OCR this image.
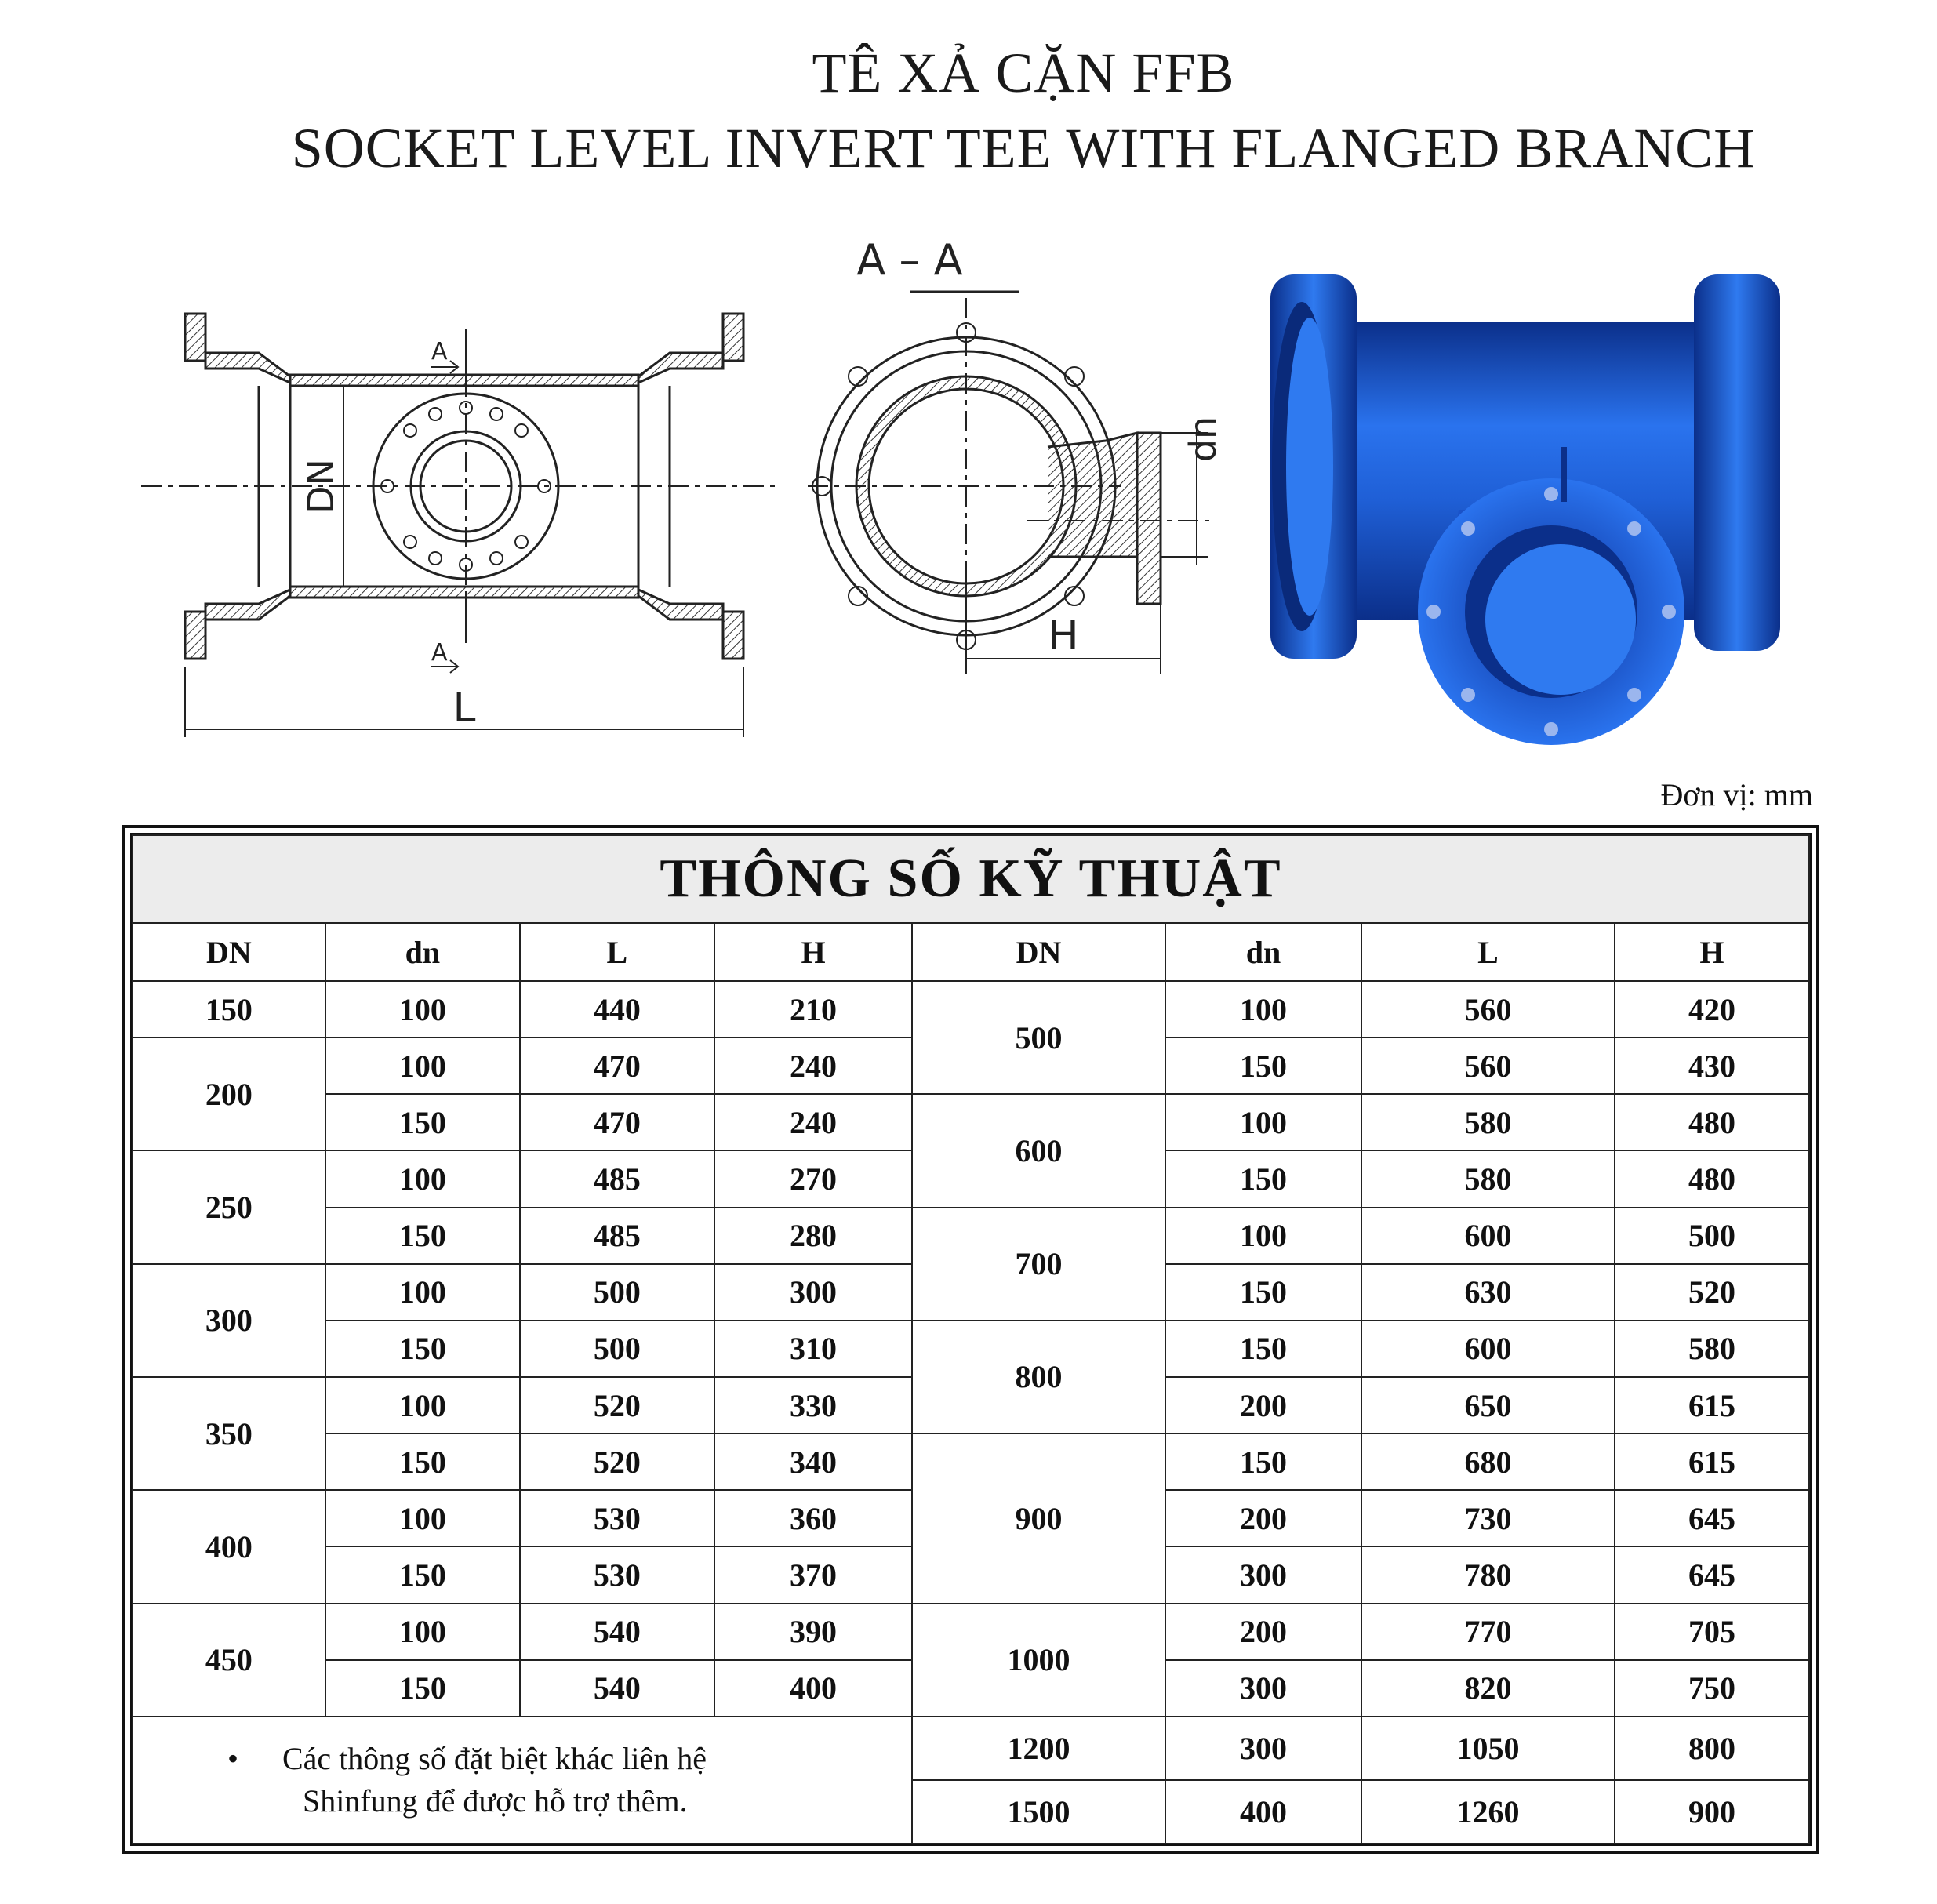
TÊ XẢ CẶN FFB
SOCKET LEVEL INVERT TEE WITH FLANGED BRANCH
A
A
DN
L
A – A
dn
H
Đơn vị: mm
THÔNG SỐ KỸ THUẬT							
DN	dn	L	H	DN	dn	L	H
150	100	440	210	500	100	560	420
200	100	470	240		150	560	430
	150	470	240	600	100	580	480
250	100	485	270		150	580	480
	150	485	280	700	100	600	500
300	100	500	300		150	630	520
	150	500	310	800	150	600	580
350	100	520	330		200	650	615
	150	520	340	900	150	680	615
400	100	530	360		200	730	645
	150	530	370		300	780	645
450	100	540	390	1000	200	770	705
	150	540	400		300	820	750
• Các thông số đặt biệt khác liên hệ
Shinfung để được hỗ trợ thêm.				1200	300	1050	800
				1500	400	1260	900
